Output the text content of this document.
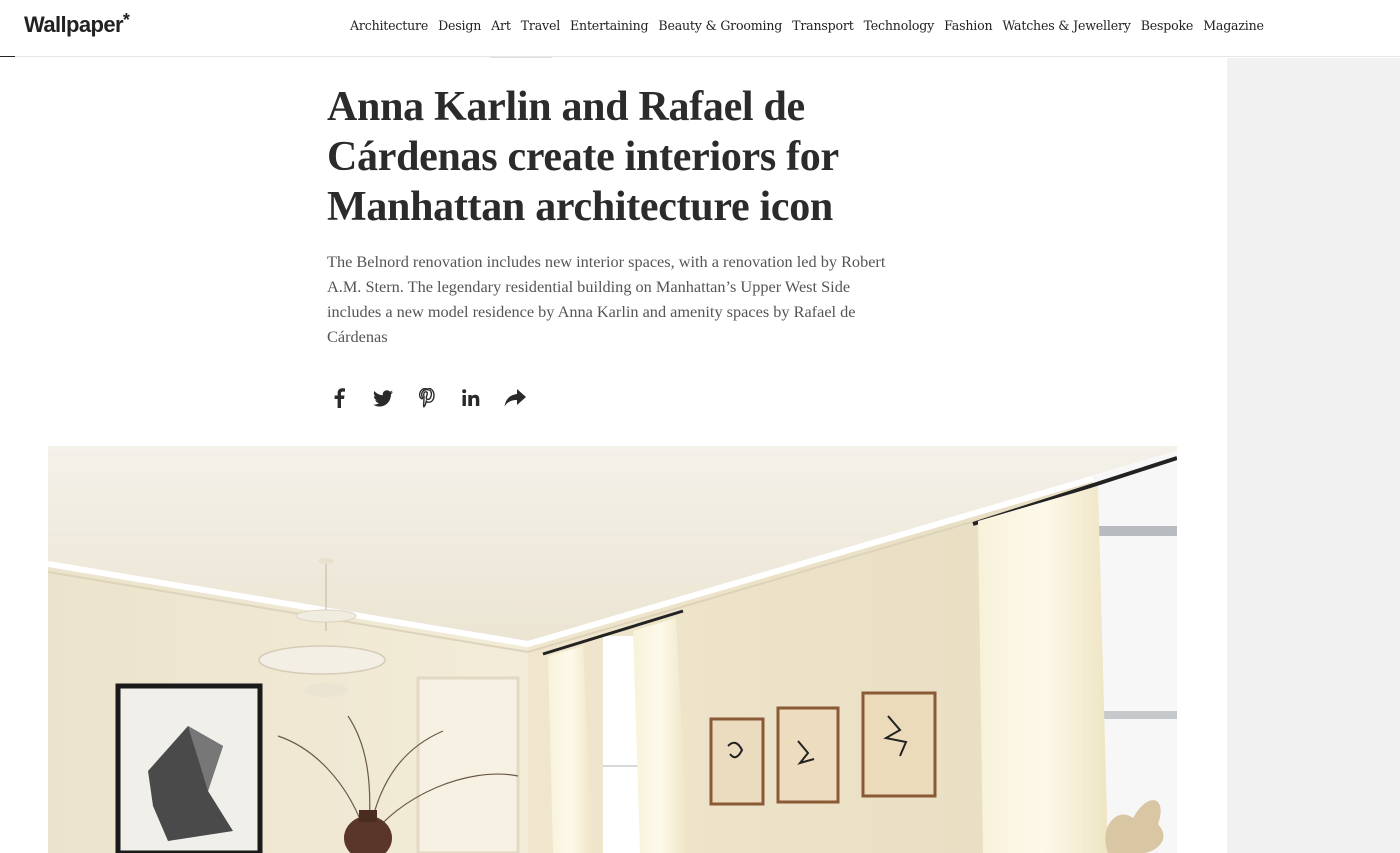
Wallpaper*	Architecture Design Art Travel Entertaining Beauty & Grooming Transport Technology Fashion Watches & Jewellery Bespoke Magazine
Anna Karlin and Rafael de Cárdenas create interiors for Manhattan architecture icon

The Belnord renovation includes new interior spaces, with a renovation led by Robert A.M. Stern. The legendary residential building on Manhattan’s Upper West Side includes a new model residence by Anna Karlin and amenity spaces by Rafael de Cárdenas
